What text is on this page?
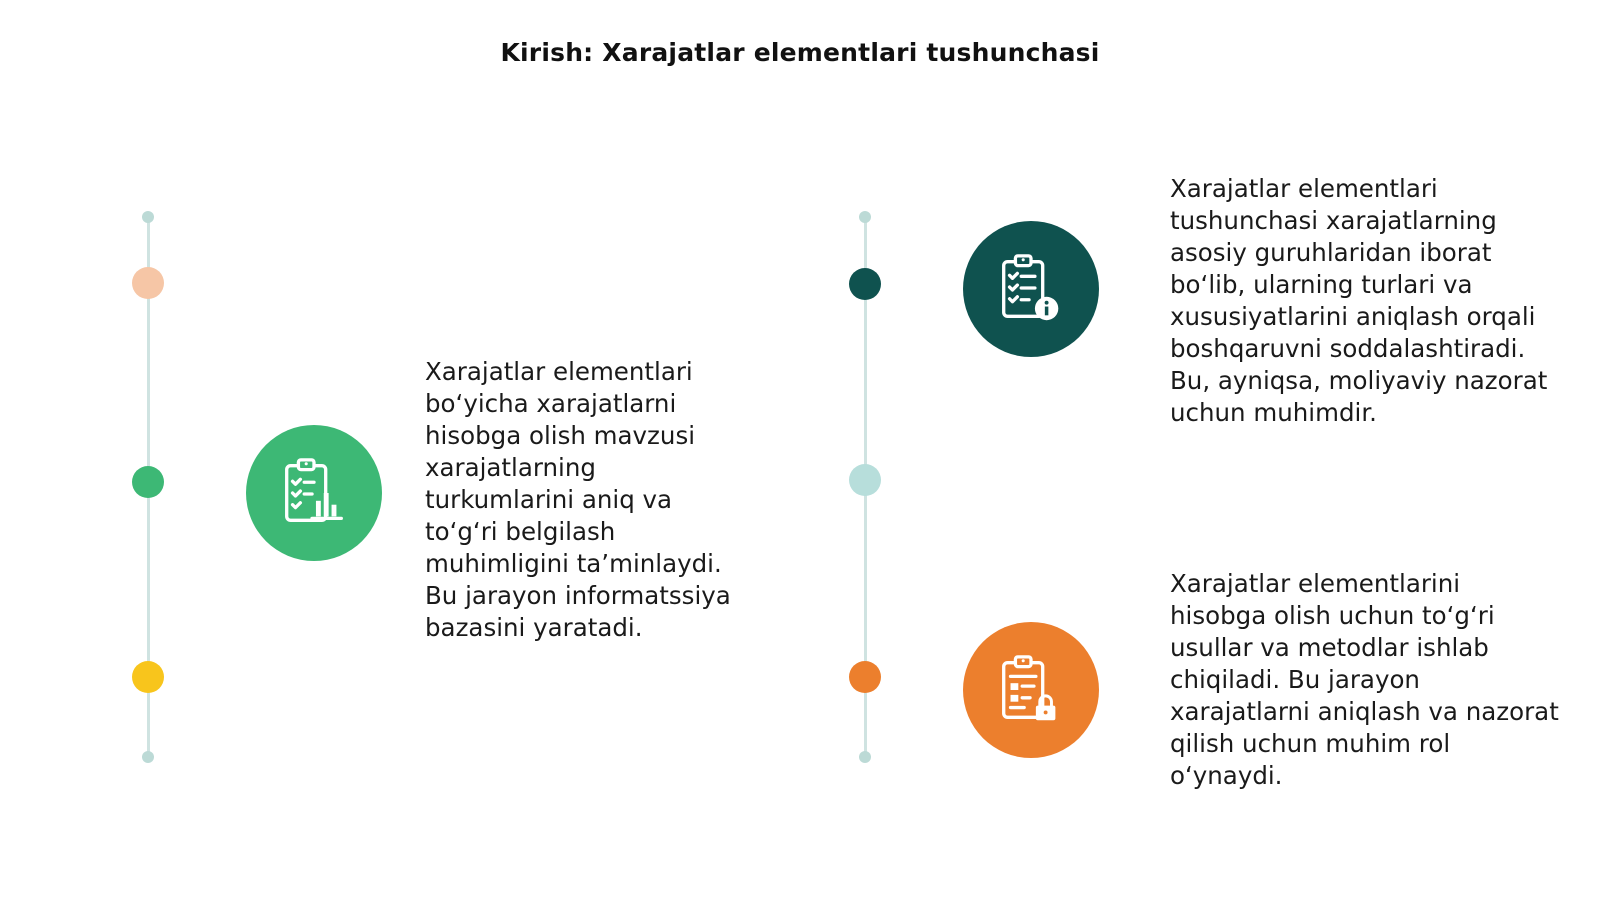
Kirish: Xarajatlar elementlari tushunchasi
Xarajatlar elementlari bo‘yicha xarajatlarni hisobga olish mavzusi xarajatlarning turkumlarini aniq va to‘g‘ri belgilash muhimligini ta’minlaydi. Bu jarayon informatssiya bazasini yaratadi.
Xarajatlar elementlari tushunchasi xarajatlarning asosiy guruhlaridan iborat bo‘lib, ularning turlari va xususiyatlarini aniqlash orqali boshqaruvni soddalashtiradi. Bu, ayniqsa, moliyaviy nazorat uchun muhimdir.
Xarajatlar elementlarini hisobga olish uchun to‘g‘ri usullar va metodlar ishlab chiqiladi. Bu jarayon xarajatlarni aniqlash va nazorat qilish uchun muhim rol o‘ynaydi.
